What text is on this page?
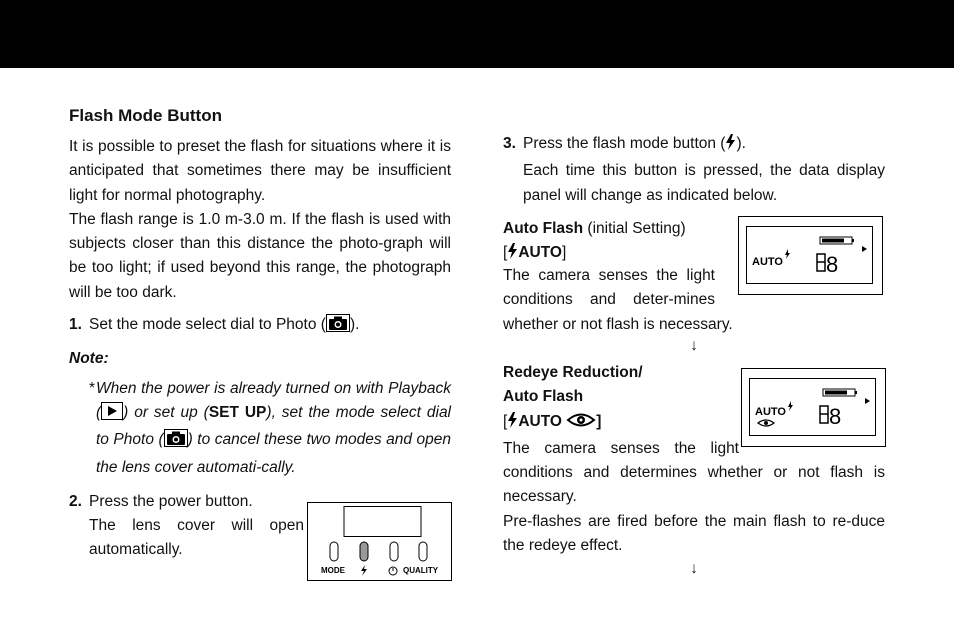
Flash Mode Button

It is possible to preset the flash for situations where it is anticipated that sometimes there may be insufficient light for normal photography.

The flash range is 1.0 m-3.0 m. If the flash is used with subjects closer than this distance the photo-graph will be too light; if used beyond this range, the photograph will be too dark.

1. Set the mode select dial to Photo ( ).
Note:
* When the power is already turned on with Playback ( ) or set up (SET UP), set the mode select dial to Photo ( ) to cancel these two modes and open the lens cover automati-cally.
2. Press the power button.
The lens cover will open automatically.
MODE	QUALITY
3. Press the flash mode button ( ).
Each time this button is pressed, the data display panel will change as indicated below.
Auto Flash (initial Setting)
[ AUTO]

The camera senses the light conditions and deter-mines whether or not flash is necessary.
↓
Redeye Reduction/
Auto Flash
[ AUTO ]
The camera senses the light conditions and determines whether or not flash is necessary.
Pre-flashes are fired before the main flash to re-duce the redeye effect.
↓
AUTO 8
AUTO 8
